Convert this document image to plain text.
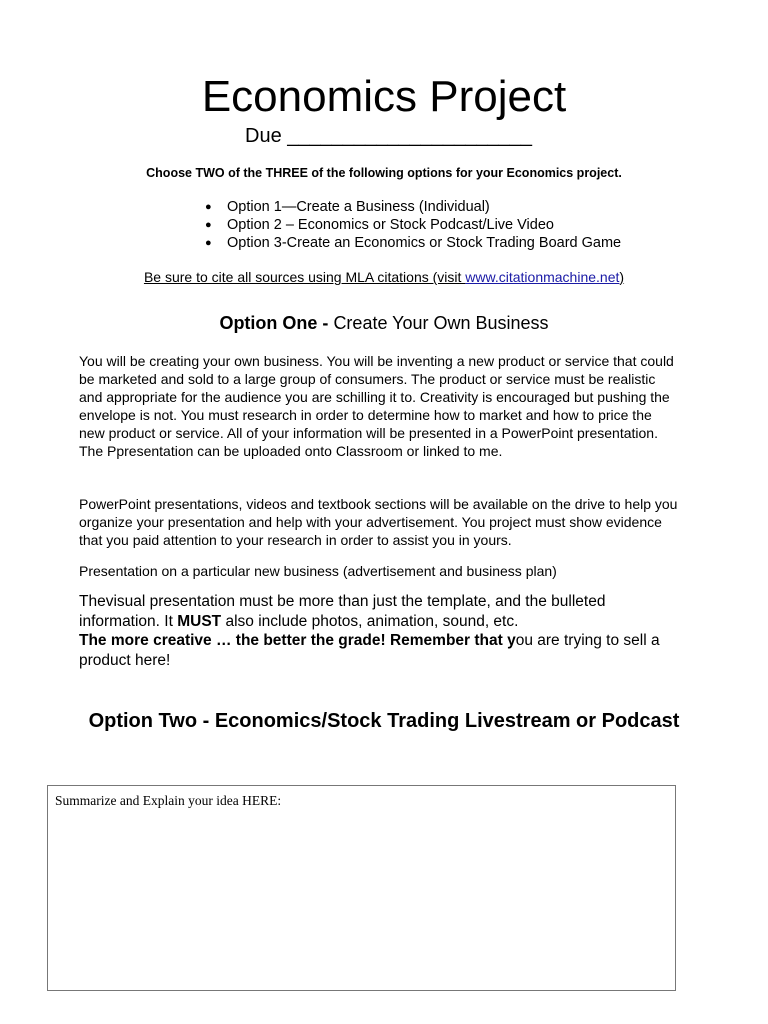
Economics Project
Due ______________________
Choose TWO of the THREE of the following options for your Economics project.
● Option 1—Create a Business (Individual)
● Option 2 – Economics or Stock Podcast/Live Video
● Option 3-Create an Economics or Stock Trading Board Game
Be sure to cite all sources using MLA citations (visit www.citationmachine.net)
Option One - Create Your Own Business

You will be creating your own business. You will be inventing a new product or service that could be marketed and sold to a large group of consumers. The product or service must be realistic and appropriate for the audience you are schilling it to. Creativity is encouraged but pushing the envelope is not. You must research in order to determine how to market and how to price the new product or service. All of your information will be presented in a PowerPoint presentation. The Ppresentation can be uploaded onto Classroom or linked to me.

PowerPoint presentations, videos and textbook sections will be available on the drive to help you organize your presentation and help with your advertisement. You project must show evidence that you paid attention to your research in order to assist you in yours.

Presentation on a particular new business (advertisement and business plan)

Thevisual presentation must be more than just the template, and the bulleted information. It MUST also include photos, animation, sound, etc.
The more creative … the better the grade! Remember that you are trying to sell a product here!

Option Two - Economics/Stock Trading Livestream or Podcast
Summarize and Explain your idea HERE:
